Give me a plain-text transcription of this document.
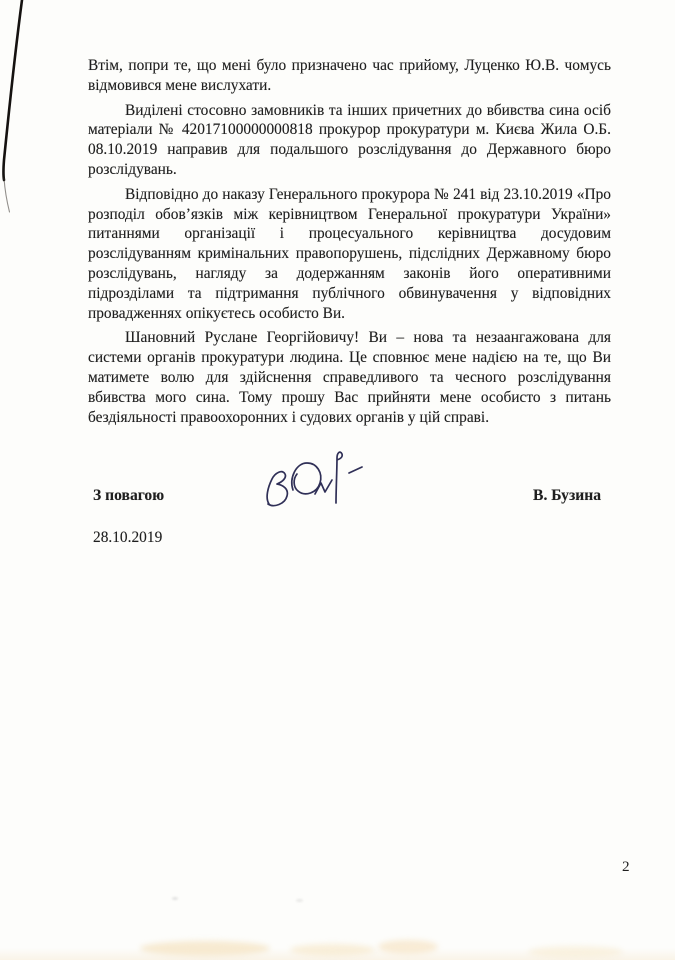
Втім, попри те, що мені було призначено час прийому, Луценко Ю.В. чомусь відмовився мене вислухати.

Виділені стосовно замовників та інших причетних до вбивства сина осіб матеріали № 42017100000000818 прокурор прокуратури м. Києва Жила О.Б. 08.10.2019 направив для подальшого розслідування до Державного бюро розслідувань.

Відповідно до наказу Генерального прокурора № 241 від 23.10.2019 «Про розподіл обов’язків між керівництвом Генеральної прокуратури України» питаннями організації і процесуального керівництва досудовим розслідуванням кримінальних правопорушень, підслідних Державному бюро розслідувань, нагляду за додержанням законів його оперативними підрозділами та підтримання публічного обвинувачення у відповідних провадженнях опікуєтесь особисто Ви.

Шановний Руслане Георгійовичу! Ви – нова та незаангажована для системи органів прокуратури людина. Це сповнює мене надією на те, що Ви матимете волю для здійснення справедливого та чесного розслідування вбивства мого сина. Тому прошу Вас прийняти мене особисто з питань бездіяльності правоохоронних і судових органів у цій справі.

З повагою	В. Бузина
28.10.2019
2
